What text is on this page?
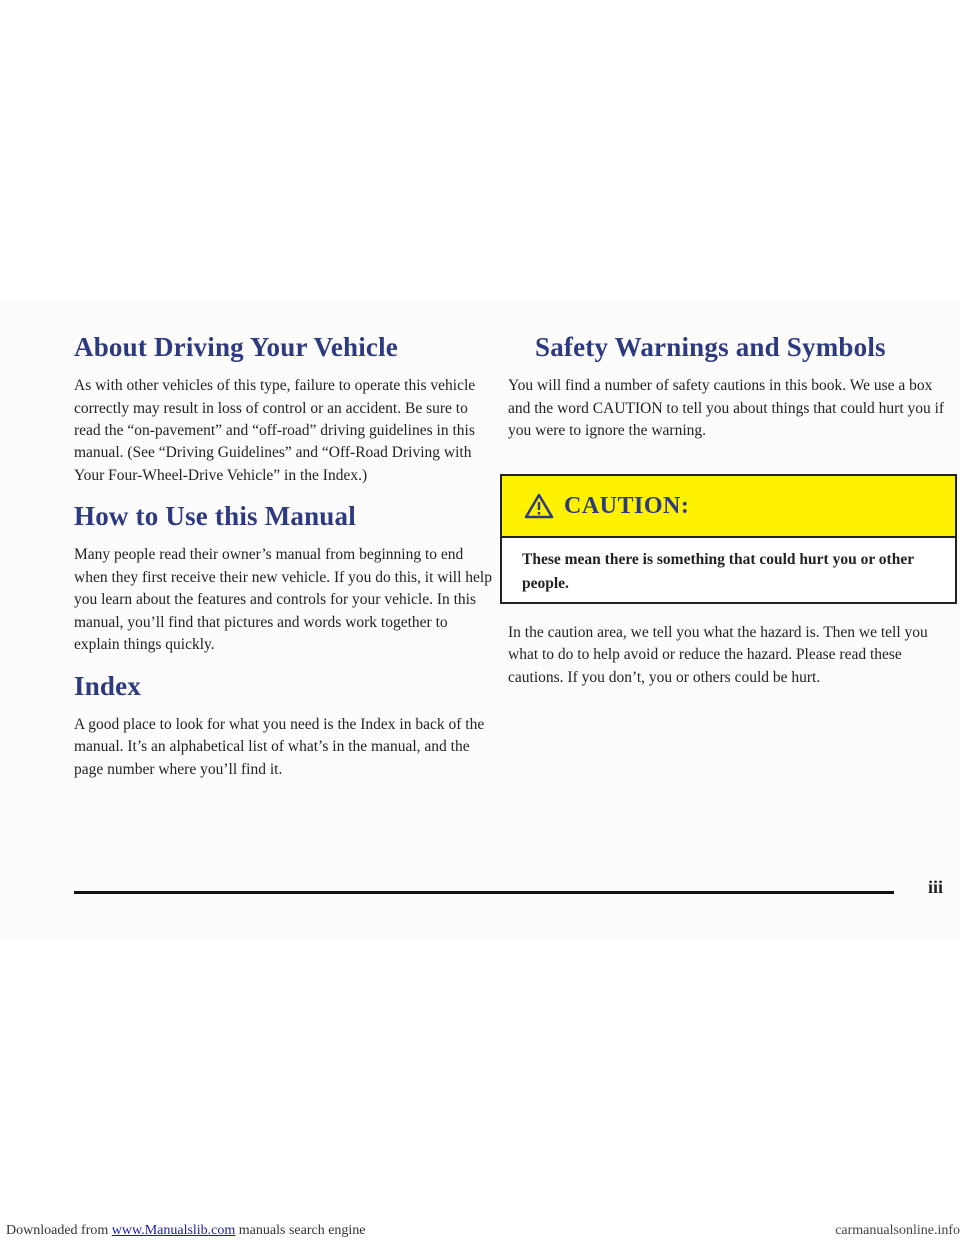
About Driving Your Vehicle

As with other vehicles of this type, failure to operate this vehicle correctly may result in loss of control or an accident. Be sure to read the “on-pavement” and “off-road” driving guidelines in this manual. (See “Driving Guidelines” and “Off-Road Driving with Your Four-Wheel-Drive Vehicle” in the Index.)

How to Use this Manual

Many people read their owner’s manual from beginning to end when they first receive their new vehicle. If you do this, it will help you learn about the features and controls for your vehicle. In this manual, you’ll find that pictures and words work together to explain things quickly.

Index

A good place to look for what you need is the Index in back of the manual. It’s an alphabetical list of what’s in the manual, and the page number where you’ll find it.

Safety Warnings and Symbols

You will find a number of safety cautions in this book. We use a box and the word CAUTION to tell you about things that could hurt you if you were to ignore the warning.

CAUTION:
These mean there is something that could hurt you or other people.

In the caution area, we tell you what the hazard is. Then we tell you what to do to help avoid or reduce the hazard. Please read these cautions. If you don’t, you or others could be hurt.

iii
Downloaded from
www.Manualslib.com
manuals search engine	carmanualsonline.info
